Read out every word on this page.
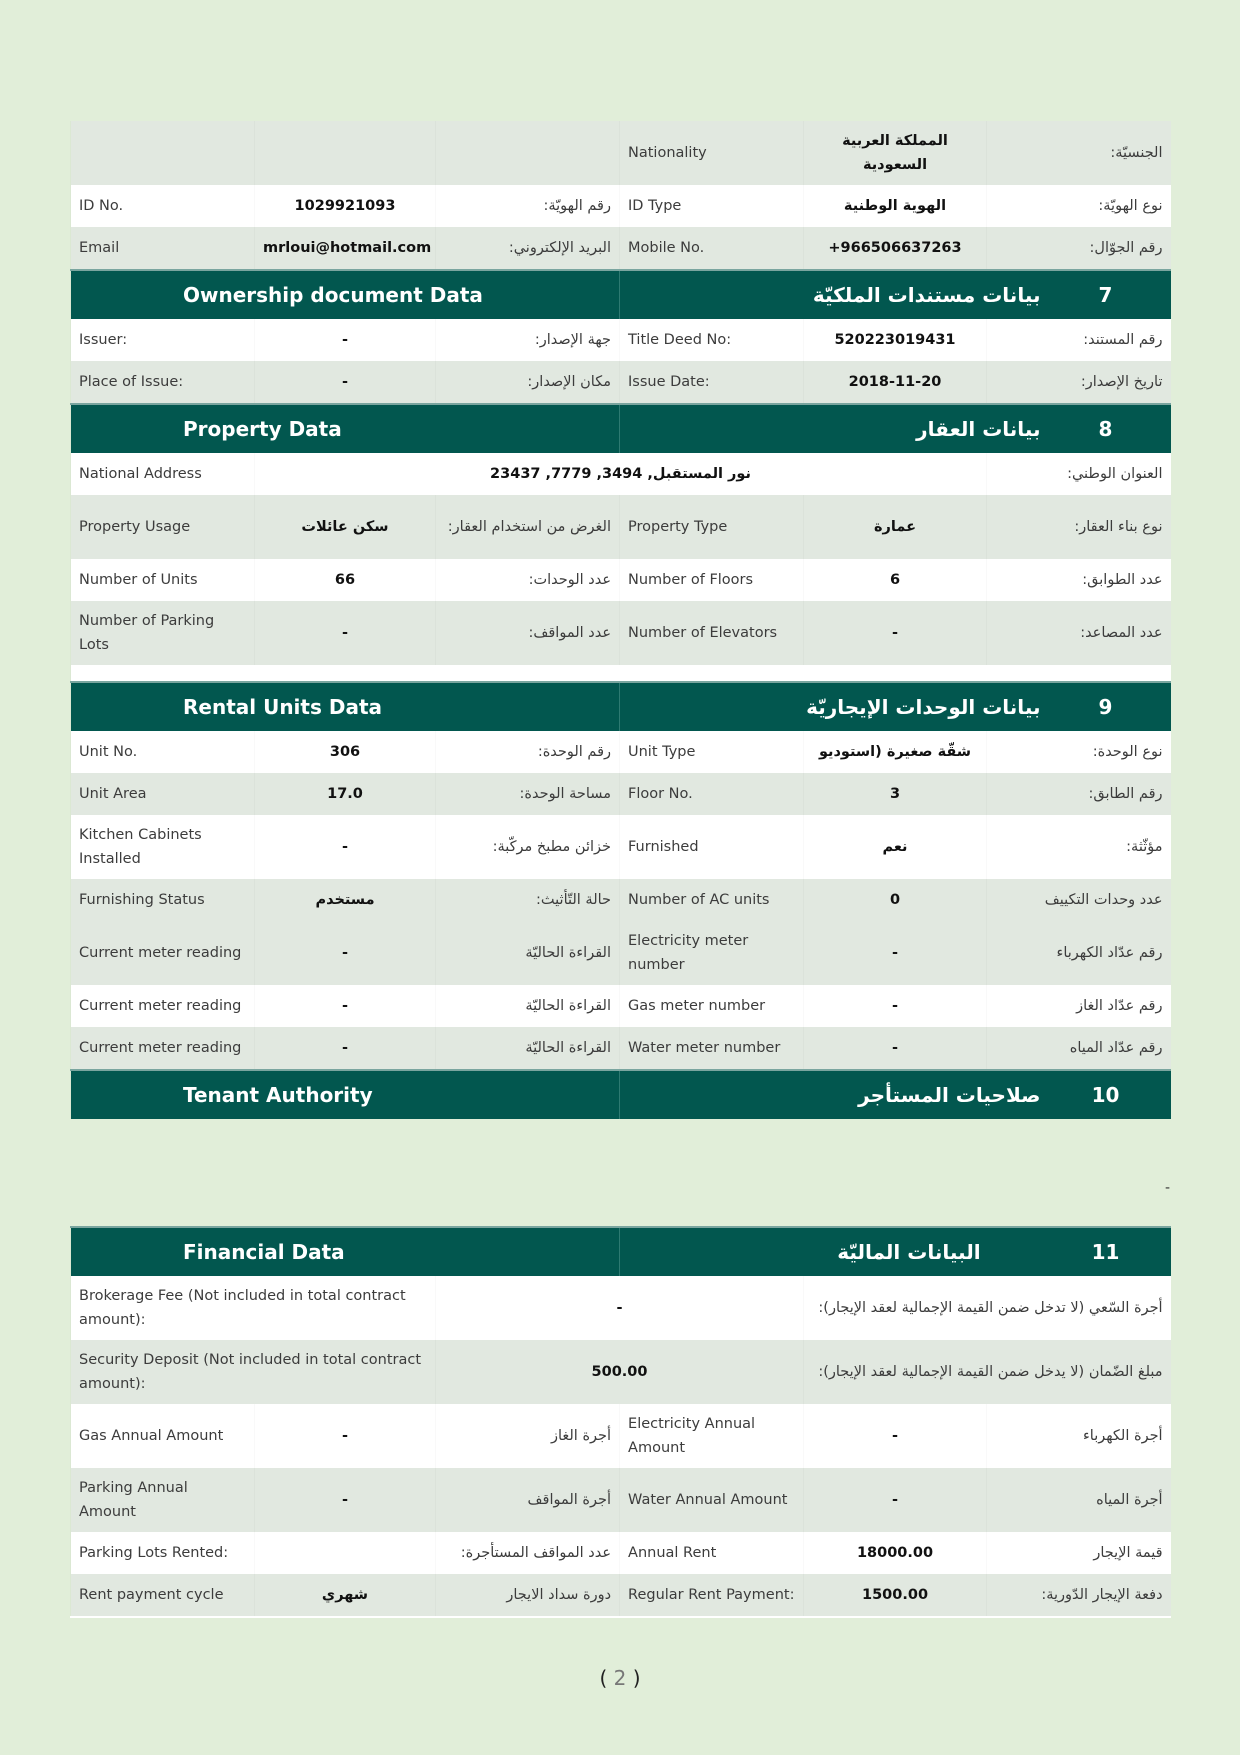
			Nationality	المملكة العربية السعودية	الجنسيّة:
ID No.	1029921093	رقم الهويّة:	ID Type	الهوية الوطنية	نوع الهويّة:
Email	mrloui@hotmail.com	البريد الإلكتروني:	Mobile No.	+966506637263	رقم الجوّال:
Ownership document Data			7بيانات مستندات الملكيّة		
Issuer:	-	جهة الإصدار:	Title Deed No:	520223019431	رقم المستند:
Place of Issue:	-	مكان الإصدار:	Issue Date:	2018-11-20	تاريخ الإصدار:
Property Data			8بيانات العقار		
National Address	نور المستقبل, 3494, 7779, 23437				العنوان الوطني:
Property Usage	سكن عائلات	الغرض من استخدام العقار:	Property Type	عمارة	نوع بناء العقار:
Number of Units	66	عدد الوحدات:	Number of Floors	6	عدد الطوابق:
Number of Parking Lots	-	عدد المواقف:	Number of Elevators	-	عدد المصاعد:

Rental Units Data			9بيانات الوحدات الإيجاريّة		
Unit No.	306	رقم الوحدة:	Unit Type	شقّة صغيرة (استوديو	نوع الوحدة:
Unit Area	17.0	مساحة الوحدة:	Floor No.	3	رقم الطابق:
Kitchen Cabinets Installed	-	خزائن مطبخ مركّبة:	Furnished	نعم	مؤثّثة:
Furnishing Status	مستخدم	حالة التّأثيث:	Number of AC units	0	عدد وحدات التكييف
Current meter reading	-	القراءة الحاليّة	Electricity meter number	-	رقم عدّاد الكهرباء
Current meter reading	-	القراءة الحاليّة	Gas meter number	-	رقم عدّاد الغاز
Current meter reading	-	القراءة الحاليّة	Water meter number	-	رقم عدّاد المياه
Tenant Authority			10صلاحيات المستأجر		
-
Financial Data			11البيانات الماليّة		
Brokerage Fee (Not included in total contract amount):		-		أجرة السّعي (لا تدخل ضمن القيمة الإجمالية لعقد الإيجار):	
Security Deposit (Not included in total contract amount):		500.00		مبلغ الضّمان (لا يدخل ضمن القيمة الإجمالية لعقد الإيجار):	
Gas Annual Amount	-	أجرة الغاز	Electricity Annual Amount	-	أجرة الكهرباء
Parking Annual Amount	-	أجرة المواقف	Water Annual Amount	-	أجرة المياه
Parking Lots Rented:		عدد المواقف المستأجرة:	Annual Rent	18000.00	قيمة الإيجار
Rent payment cycle	شهري	دورة سداد الايجار	Regular Rent Payment:	1500.00	دفعة الإيجار الدّورية:
( 2 )
